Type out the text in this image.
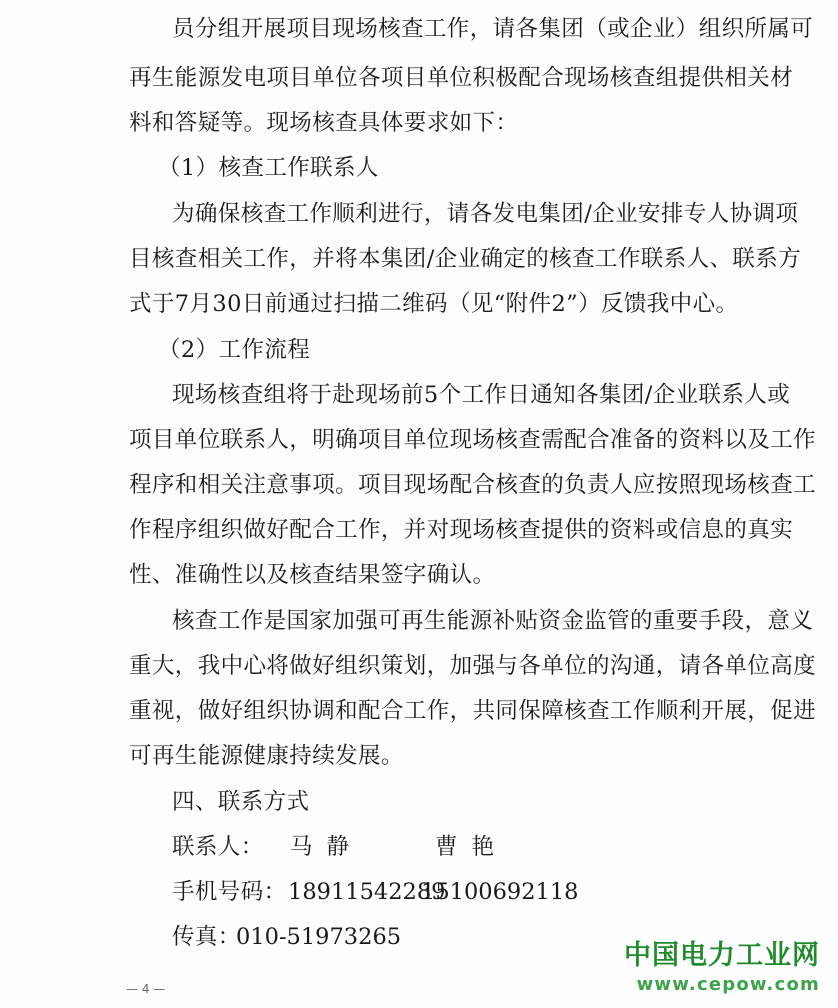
员分组开展项目现场核查工作，请各集团（或企业）组织所属可
再生能源发电项目单位各项目单位积极配合现场核查组提供相关材
料和答疑等。现场核查具体要求如下：
（1）核查工作联系人
为确保核查工作顺利进行，请各发电集团/企业安排专人协调项
目核查相关工作，并将本集团/企业确定的核查工作联系人、联系方
式于7月30日前通过扫描二维码（见“附件2”）反馈我中心。
（2）工作流程
现场核查组将于赴现场前5个工作日通知各集团/企业联系人或
项目单位联系人，明确项目单位现场核查需配合准备的资料以及工作
程序和相关注意事项。项目现场配合核查的负责人应按照现场核查工
作程序组织做好配合工作，并对现场核查提供的资料或信息的真实
性、准确性以及核查结果签字确认。
核查工作是国家加强可再生能源补贴资金监管的重要手段，意义
重大，我中心将做好组织策划，加强与各单位的沟通，请各单位高度
重视，做好组织协调和配合工作，共同保障核查工作顺利开展，促进
可再生能源健康持续发展。
四、联系方式
联系人： 马静	曹艳
手机号码： 18911542289
15100692118
传真：
010-51973265
— 4 —
中国电力工业网
www.cepow.com
